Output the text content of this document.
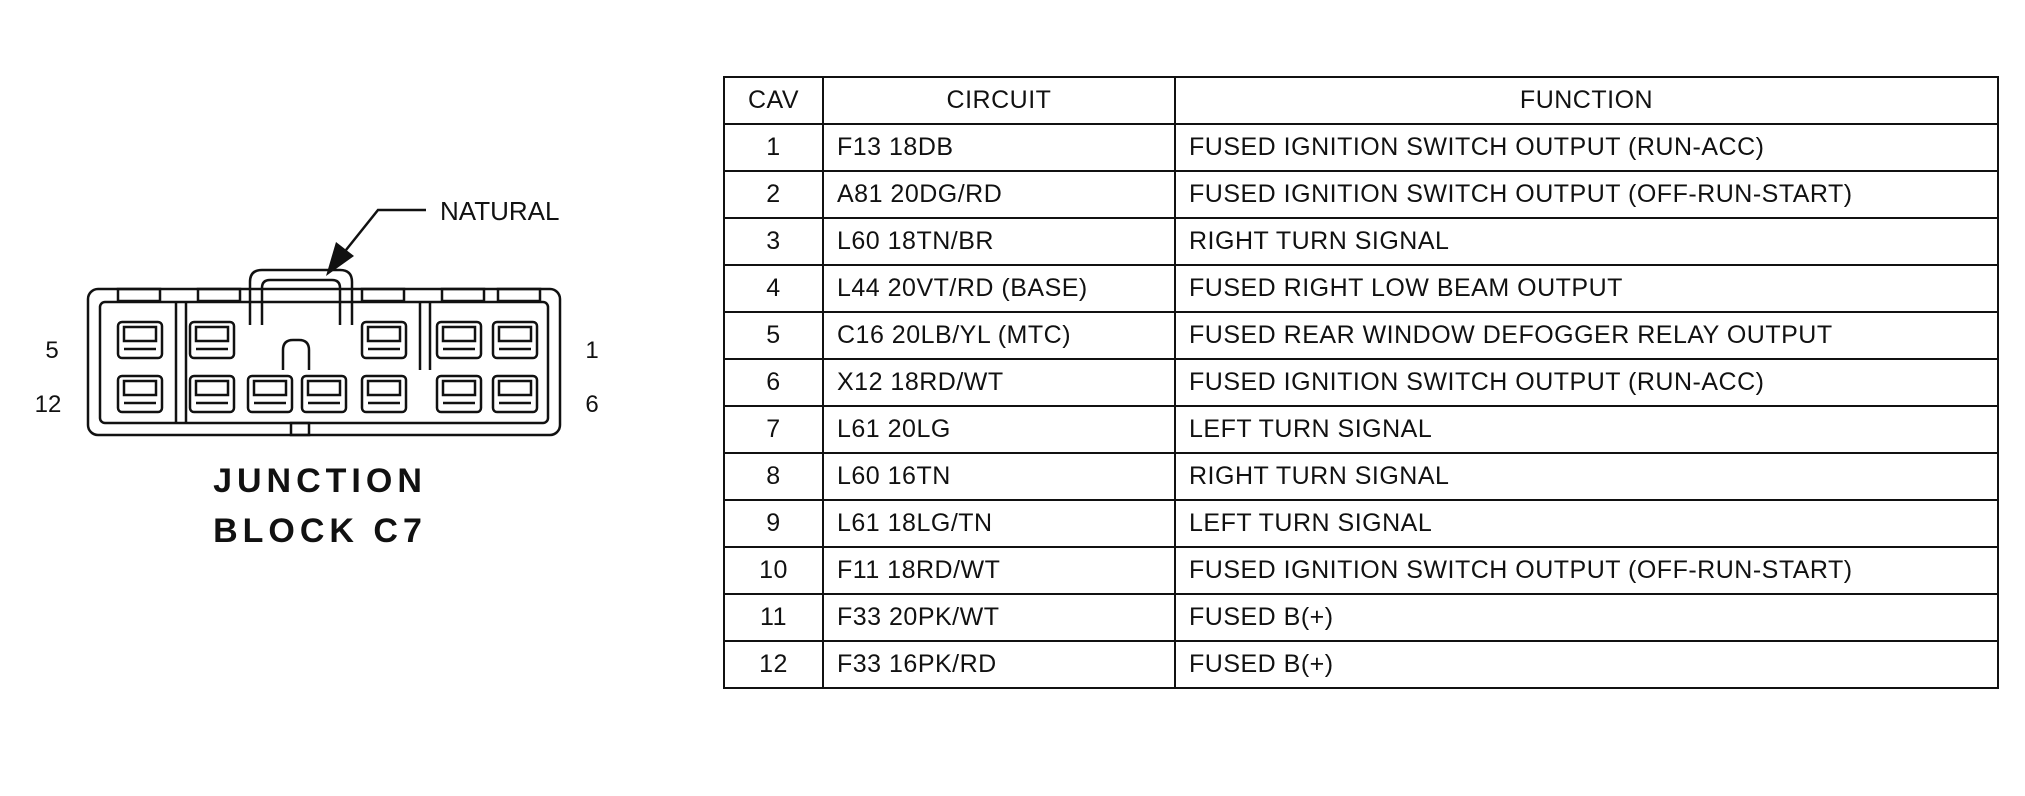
NATURAL
5
12
1
6
JUNCTION
BLOCK C7
CAV	CIRCUIT	FUNCTION
1	F13 18DB	FUSED IGNITION SWITCH OUTPUT (RUN-ACC)
2	A81 20DG/RD	FUSED IGNITION SWITCH OUTPUT (OFF-RUN-START)
3	L60 18TN/BR	RIGHT TURN SIGNAL
4	L44 20VT/RD (BASE)	FUSED RIGHT LOW BEAM OUTPUT
5	C16 20LB/YL (MTC)	FUSED REAR WINDOW DEFOGGER RELAY OUTPUT
6	X12 18RD/WT	FUSED IGNITION SWITCH OUTPUT (RUN-ACC)
7	L61 20LG	LEFT TURN SIGNAL
8	L60 16TN	RIGHT TURN SIGNAL
9	L61 18LG/TN	LEFT TURN SIGNAL
10	F11 18RD/WT	FUSED IGNITION SWITCH OUTPUT (OFF-RUN-START)
11	F33 20PK/WT	FUSED B(+)
12	F33 16PK/RD	FUSED B(+)
